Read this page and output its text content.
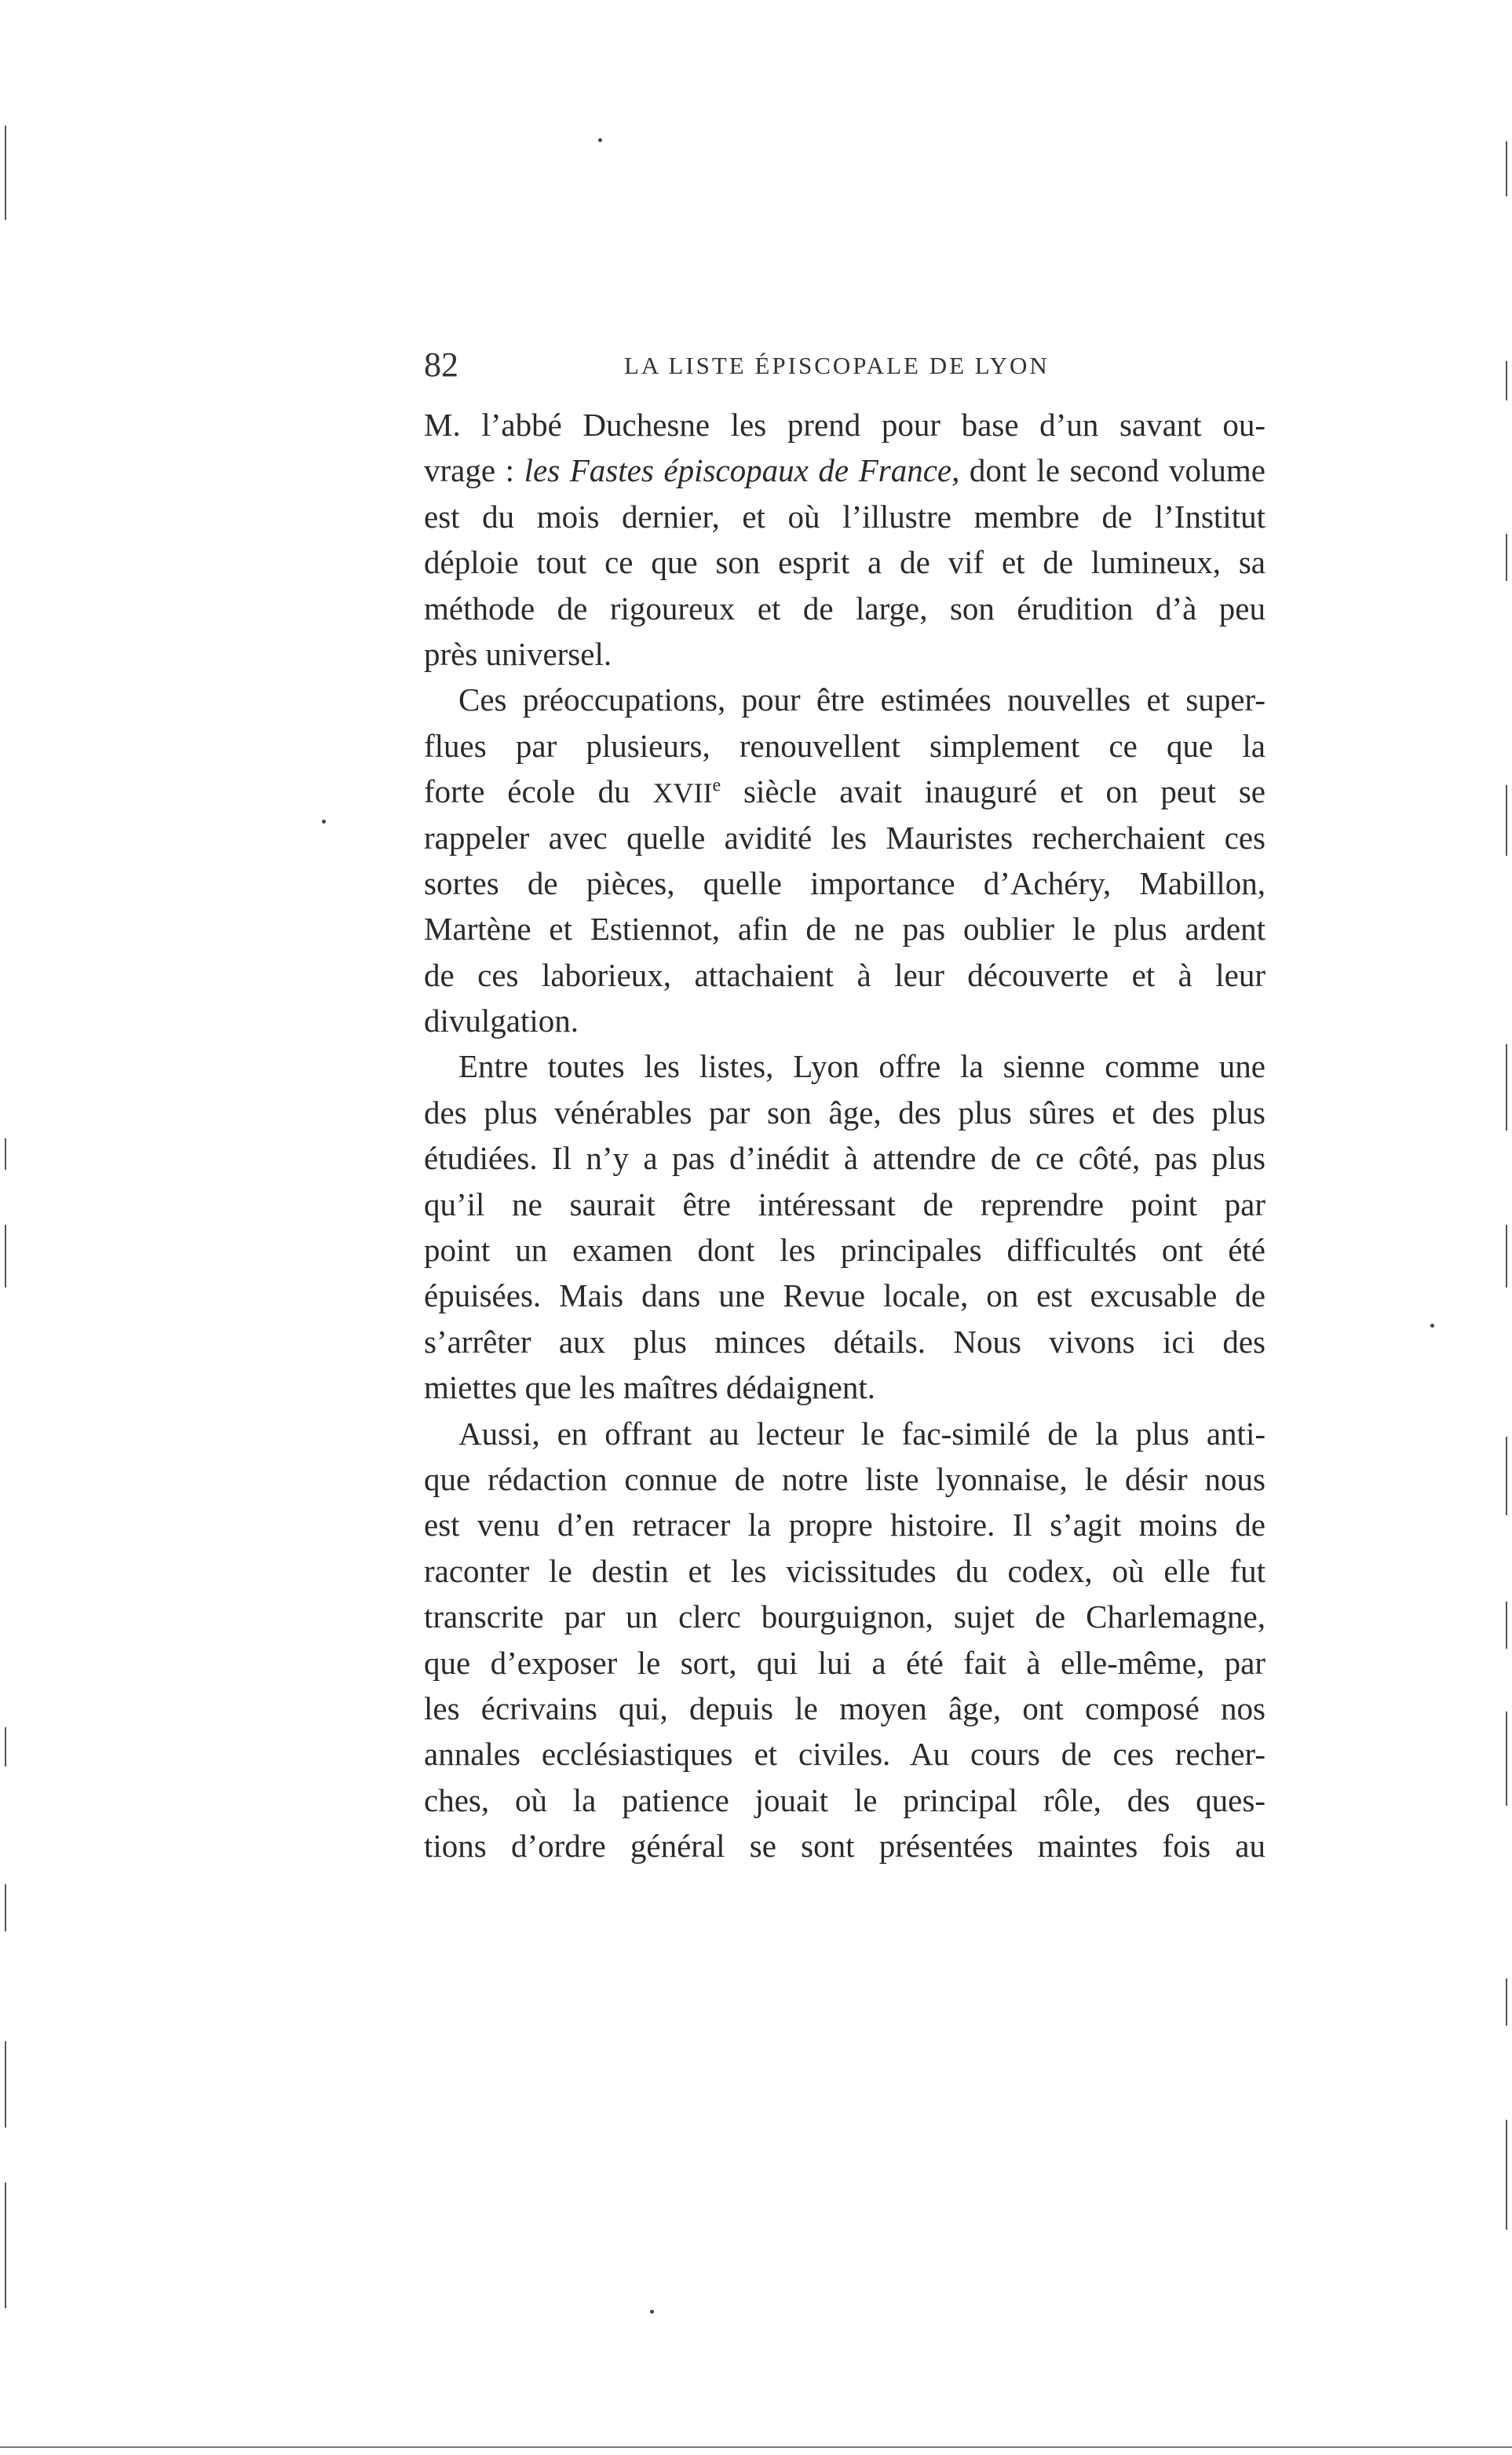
82	LA LISTE ÉPISCOPALE DE LYON
M. l’abbé Duchesne les prend pour base d’un savant ou-
vrage : les Fastes épiscopaux de France, dont le second volume
est du mois dernier, et où l’illustre membre de l’Institut
déploie tout ce que son esprit a de vif et de lumineux, sa
méthode de rigoureux et de large, son érudition d’à peu
près universel.
Ces préoccupations, pour être estimées nouvelles et super-
flues par plusieurs, renouvellent simplement ce que la
forte école du XVIIe siècle avait inauguré et on peut se
rappeler avec quelle avidité les Mauristes recherchaient ces
sortes de pièces, quelle importance d’Achéry, Mabillon,
Martène et Estiennot, afin de ne pas oublier le plus ardent
de ces laborieux, attachaient à leur découverte et à leur
divulgation.
Entre toutes les listes, Lyon offre la sienne comme une
des plus vénérables par son âge, des plus sûres et des plus
étudiées. Il n’y a pas d’inédit à attendre de ce côté, pas plus
qu’il ne saurait être intéressant de reprendre point par
point un examen dont les principales difficultés ont été
épuisées. Mais dans une Revue locale, on est excusable de
s’arrêter aux plus minces détails. Nous vivons ici des
miettes que les maîtres dédaignent.
Aussi, en offrant au lecteur le fac-similé de la plus anti-
que rédaction connue de notre liste lyonnaise, le désir nous
est venu d’en retracer la propre histoire. Il s’agit moins de
raconter le destin et les vicissitudes du codex, où elle fut
transcrite par un clerc bourguignon, sujet de Charlemagne,
que d’exposer le sort, qui lui a été fait à elle-même, par
les écrivains qui, depuis le moyen âge, ont composé nos
annales ecclésiastiques et civiles. Au cours de ces recher-
ches, où la patience jouait le principal rôle, des ques-
tions d’ordre général se sont présentées maintes fois au
